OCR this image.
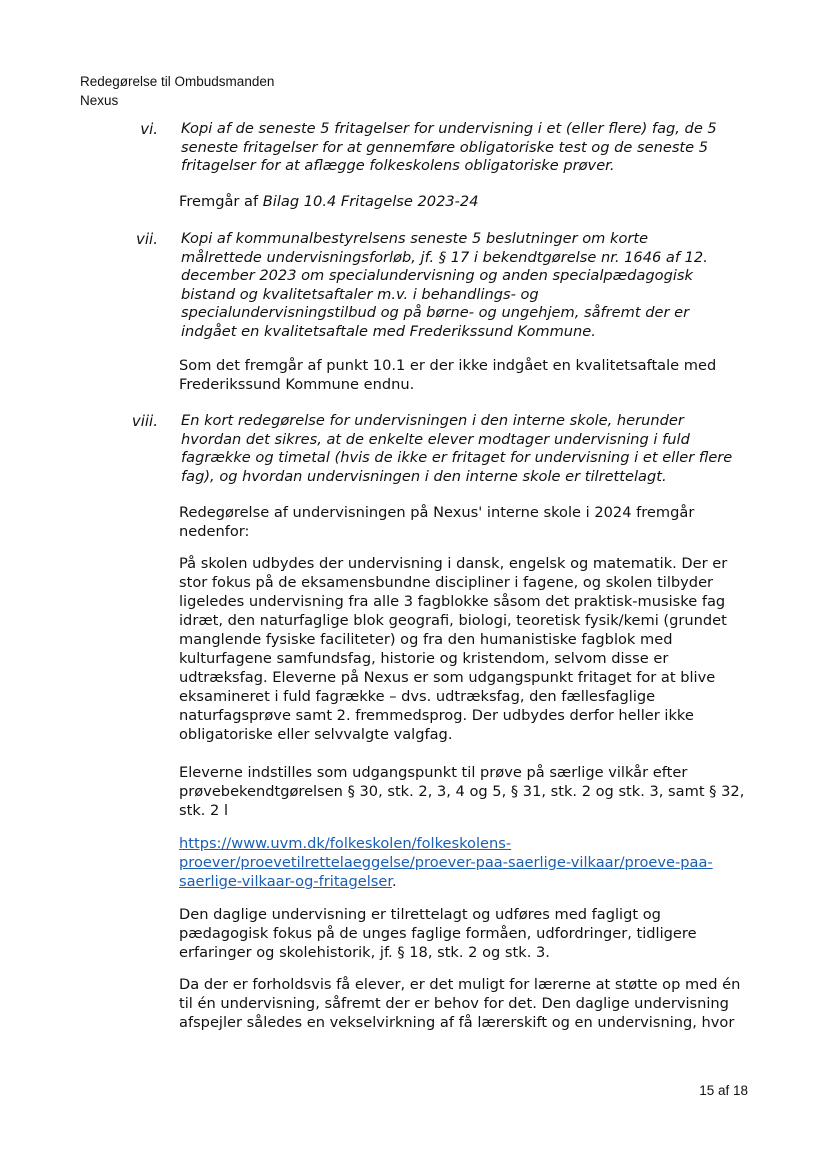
Redegørelse til Ombudsmanden
Nexus
vi. Kopi af de seneste 5 fritagelser for undervisning i et (eller flere) fag, de 5
seneste fritagelser for at gennemføre obligatoriske test og de seneste 5
fritagelser for at aflægge folkeskolens obligatoriske prøver.
Fremgår af Bilag 10.4 Fritagelse 2023-24
vii. Kopi af kommunalbestyrelsens seneste 5 beslutninger om korte
målrettede undervisningsforløb, jf. § 17 i bekendtgørelse nr. 1646 af 12.
december 2023 om specialundervisning og anden specialpædagogisk
bistand og kvalitetsaftaler m.v. i behandlings- og
specialundervisningstilbud og på børne- og ungehjem, såfremt der er
indgået en kvalitetsaftale med Frederikssund Kommune.
Som det fremgår af punkt 10.1 er der ikke indgået en kvalitetsaftale med
Frederikssund Kommune endnu.
viii. En kort redegørelse for undervisningen i den interne skole, herunder
hvordan det sikres, at de enkelte elever modtager undervisning i fuld
fagrække og timetal (hvis de ikke er fritaget for undervisning i et eller flere
fag), og hvordan undervisningen i den interne skole er tilrettelagt.
Redegørelse af undervisningen på Nexus' interne skole i 2024 fremgår
nedenfor:
På skolen udbydes der undervisning i dansk, engelsk og matematik. Der er
stor fokus på de eksamensbundne discipliner i fagene, og skolen tilbyder
ligeledes undervisning fra alle 3 fagblokke såsom det praktisk-musiske fag
idræt, den naturfaglige blok geografi, biologi, teoretisk fysik/kemi (grundet
manglende fysiske faciliteter) og fra den humanistiske fagblok med
kulturfagene samfundsfag, historie og kristendom, selvom disse er
udtræksfag. Eleverne på Nexus er som udgangspunkt fritaget for at blive
eksamineret i fuld fagrække – dvs. udtræksfag, den fællesfaglige
naturfagsprøve samt 2. fremmedsprog. Der udbydes derfor heller ikke
obligatoriske eller selvvalgte valgfag.
Eleverne indstilles som udgangspunkt til prøve på særlige vilkår efter
prøvebekendtgørelsen § 30, stk. 2, 3, 4 og 5, § 31, stk. 2 og stk. 3, samt § 32,
stk. 2 l
https://www.uvm.dk/folkeskolen/folkeskolens-
proever/proevetilrettelaeggelse/proever-paa-saerlige-vilkaar/proeve-paa-
saerlige-vilkaar-og-fritagelser.
Den daglige undervisning er tilrettelagt og udføres med fagligt og
pædagogisk fokus på de unges faglige formåen, udfordringer, tidligere
erfaringer og skolehistorik, jf. § 18, stk. 2 og stk. 3.
Da der er forholdsvis få elever, er det muligt for lærerne at støtte op med én
til én undervisning, såfremt der er behov for det. Den daglige undervisning
afspejler således en vekselvirkning af få lærerskift og en undervisning, hvor
15 af 18
